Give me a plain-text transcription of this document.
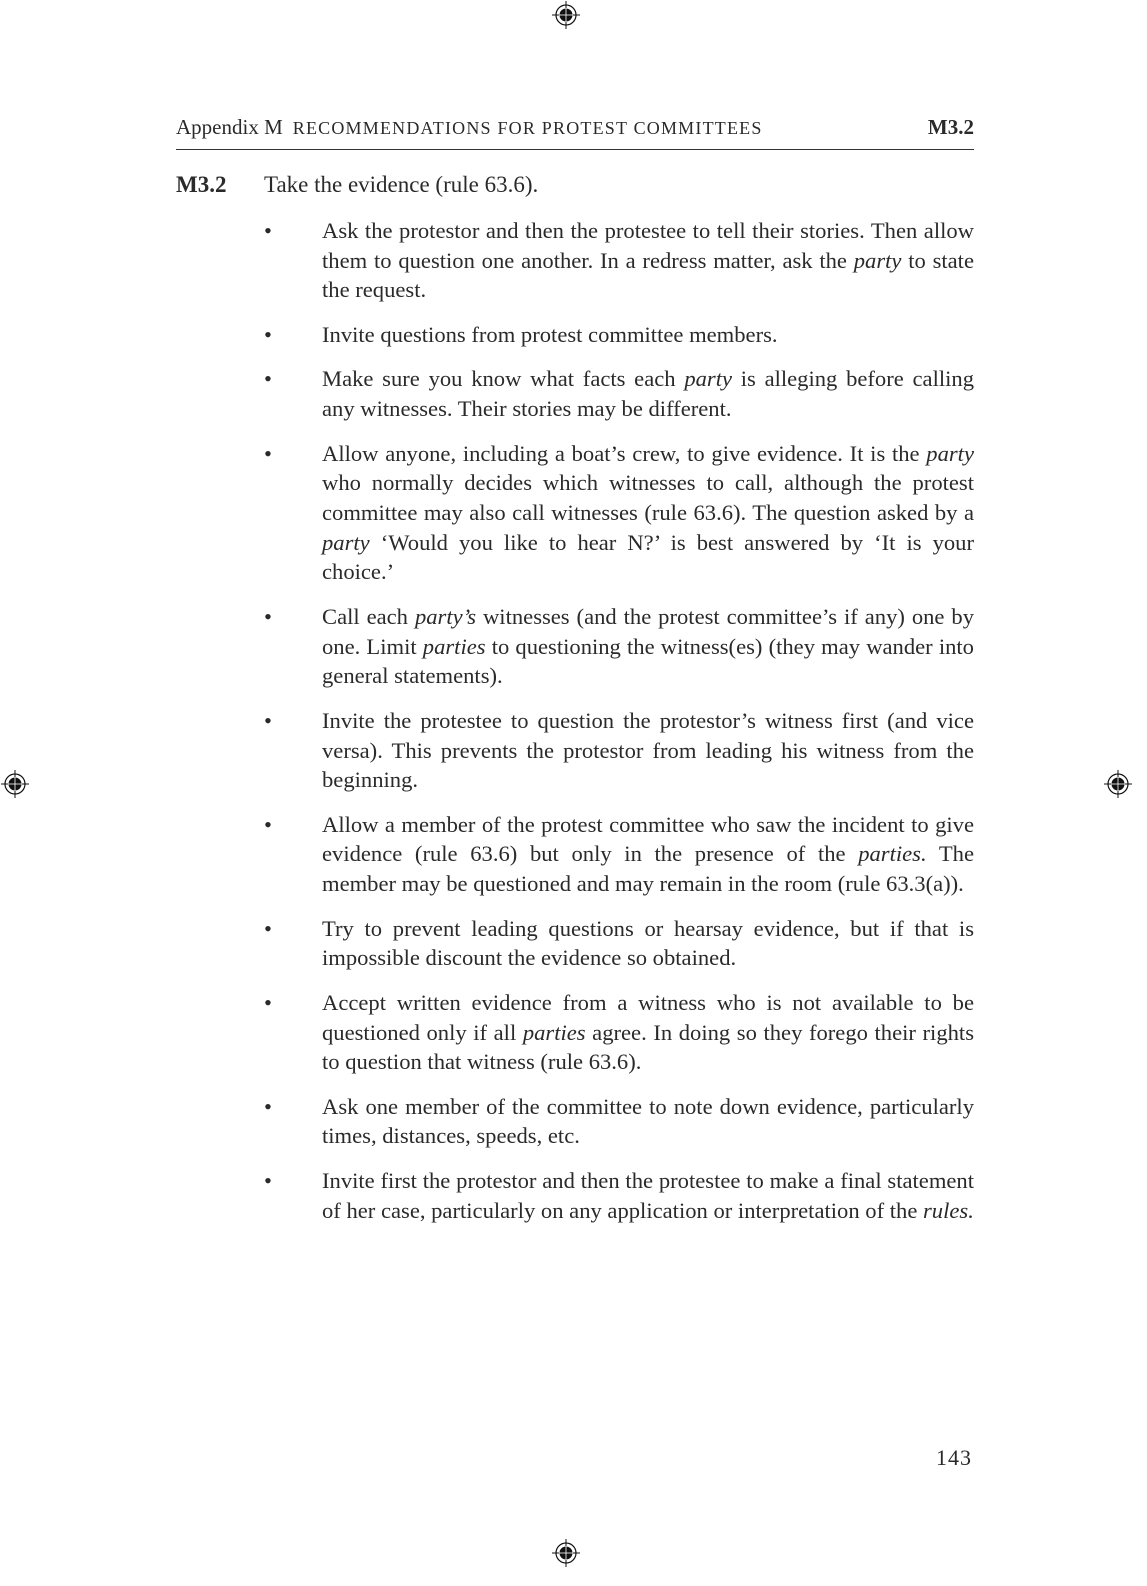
Appendix M RECOMMENDATIONS FOR PROTEST COMMITTEES	M3.2
M3.2 Take the evidence (rule 63.6).
• Ask the protestor and then the protestee to tell their stories. Then allow them to question one another. In a redress matter, ask the party to state the request.
• Invite questions from protest committee members.
• Make sure you know what facts each party is alleging before calling any witnesses. Their stories may be different.
• Allow anyone, including a boat’s crew, to give evidence. It is the party who normally decides which witnesses to call, although the protest committee may also call witnesses (rule 63.6). The question asked by a party ‘Would you like to hear N?’ is best answered by ‘It is your choice.’
• Call each party’s witnesses (and the protest committee’s if any) one by one. Limit parties to questioning the witness(es) (they may wander into general statements).
• Invite the protestee to question the protestor’s witness first (and vice versa). This prevents the protestor from leading his witness from the beginning.
• Allow a member of the protest committee who saw the incident to give evidence (rule 63.6) but only in the presence of the parties. The member may be questioned and may remain in the room (rule 63.3(a)).
• Try to prevent leading questions or hearsay evidence, but if that is impossible discount the evidence so obtained.
• Accept written evidence from a witness who is not available to be questioned only if all parties agree. In doing so they forego their rights to question that witness (rule 63.6).
• Ask one member of the committee to note down evidence, particularly times, distances, speeds, etc.
• Invite first the protestor and then the protestee to make a final statement of her case, particularly on any application or interpretation of the rules.
143
